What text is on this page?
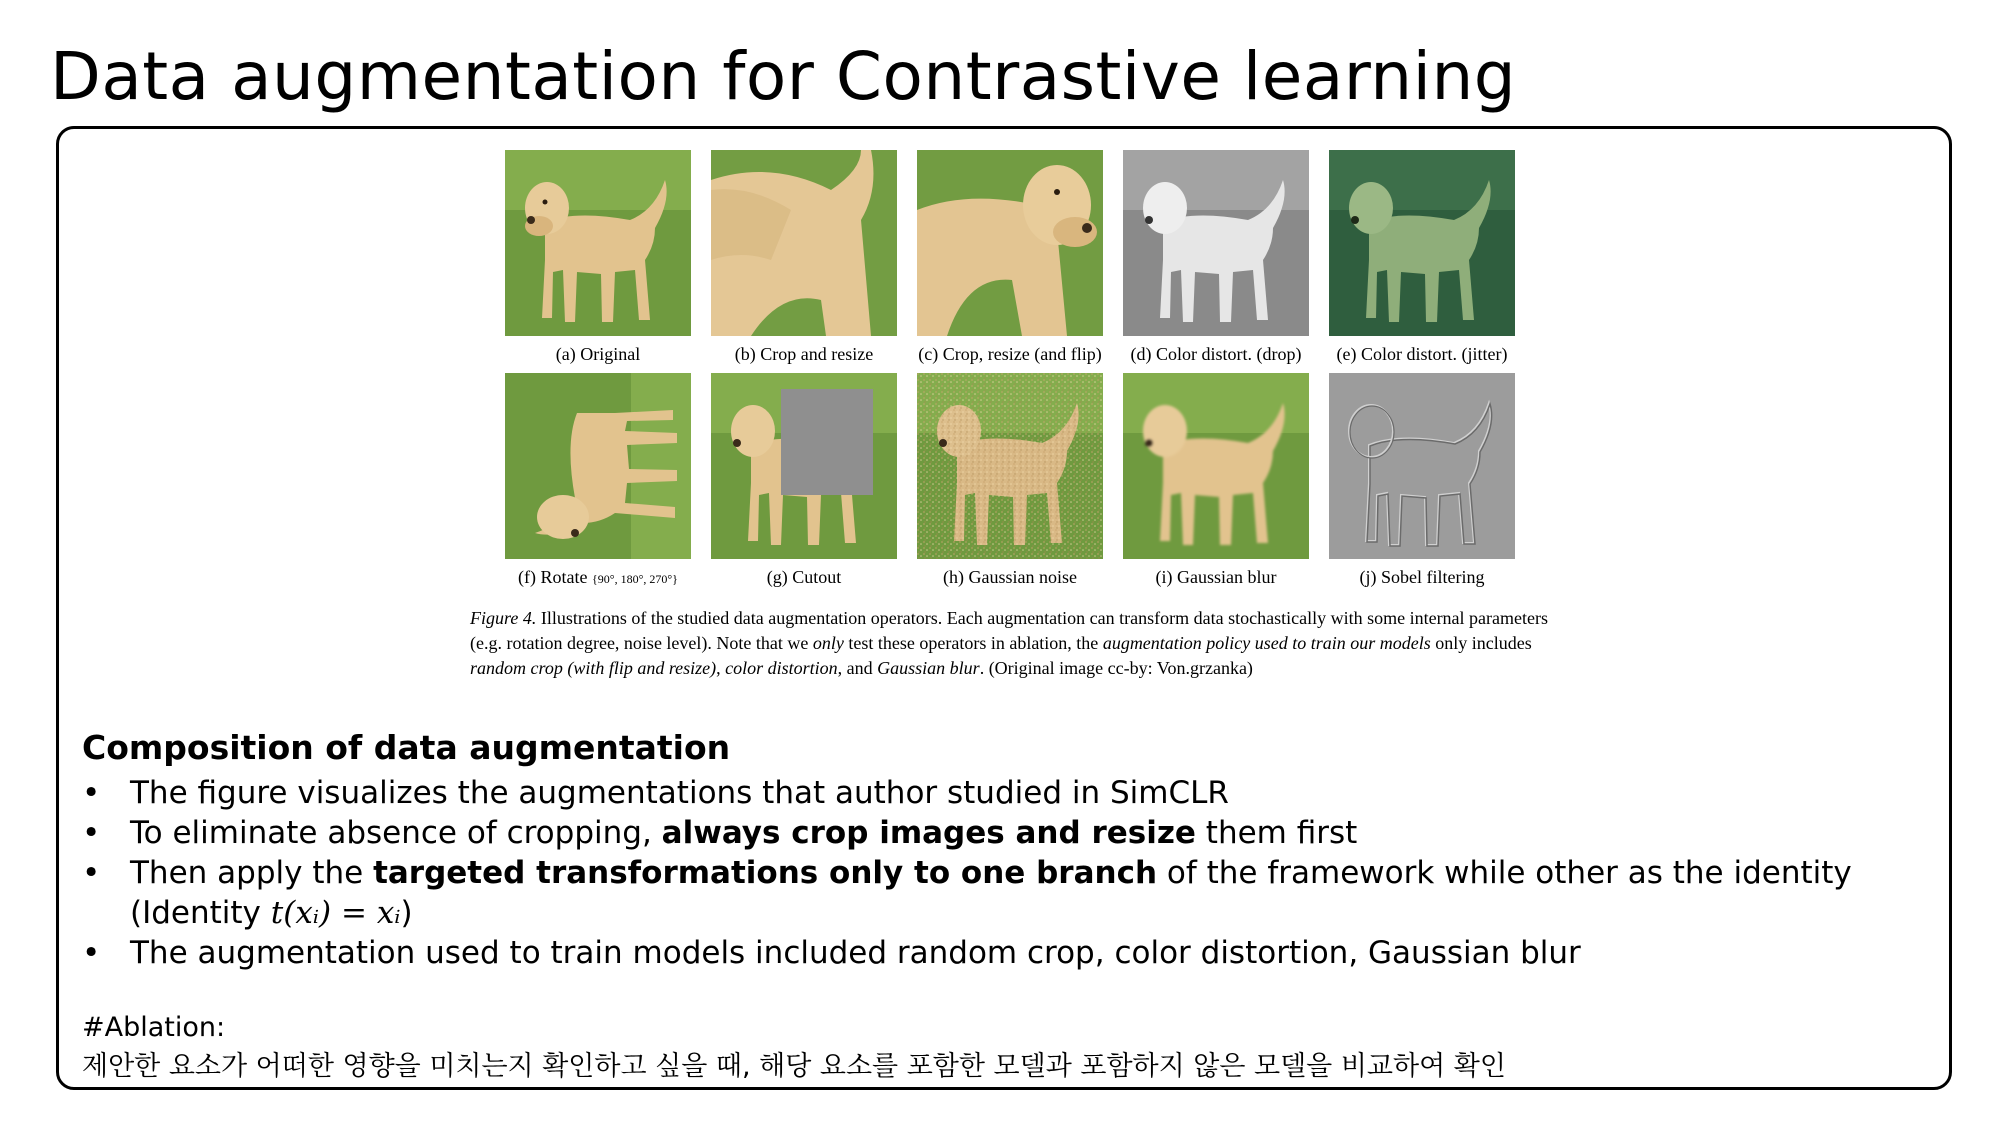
Data augmentation for Contrastive learning
(a) Original	(b) Crop and resize	(c) Crop, resize (and flip)	(d) Color distort. (drop)	(e) Color distort. (jitter)
(f) Rotate {90°, 180°, 270°}	(g) Cutout	(h) Gaussian noise	(i) Gaussian blur	(j) Sobel filtering
Figure 4. Illustrations of the studied data augmentation operators. Each augmentation can transform data stochastically with some internal parameters (e.g. rotation degree, noise level). Note that we only test these operators in ablation, the augmentation policy used to train our models only includes random crop (with flip and resize), color distortion, and Gaussian blur. (Original image cc-by: Von.grzanka)
Composition of data augmentation
• The figure visualizes the augmentations that author studied in SimCLR
• To eliminate absence of cropping, always crop images and resize them first
• Then apply the targeted transformations only to one branch of the framework while other as the identity
(Identity t(xᵢ) = xᵢ)
• The augmentation used to train models included random crop, color distortion, Gaussian blur
#Ablation:
제안한 요소가 어떠한 영향을 미치는지 확인하고 싶을 때, 해당 요소를 포함한 모델과 포함하지 않은 모델을 비교하여 확인
